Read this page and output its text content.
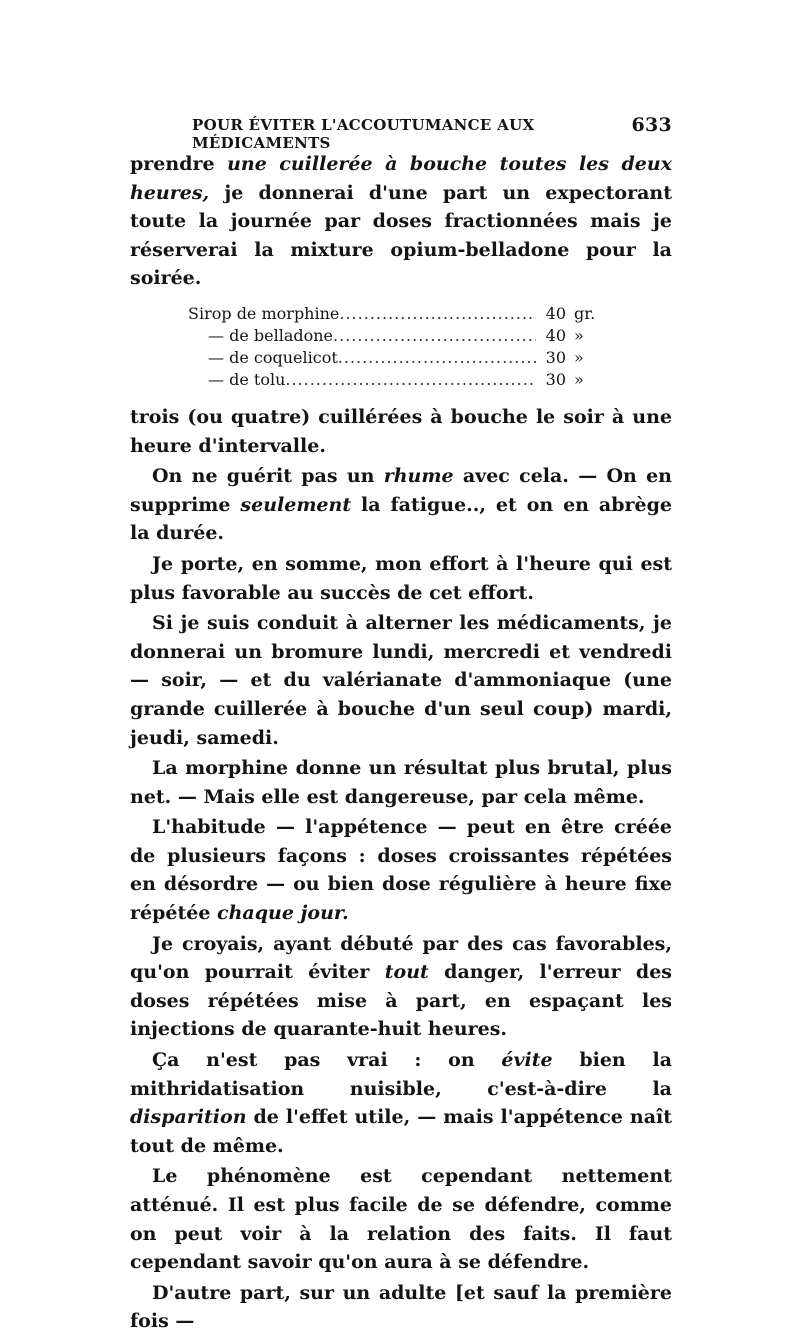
POUR ÉVITER L'ACCOUTUMANCE AUX MÉDICAMENTS
633

prendre une cuillerée à bouche toutes les deux heures, je donnerai d'une part un expectorant toute la journée par doses fractionnées mais je réserverai la mixture opium-belladone pour la soirée.

Sirop de morphine .....	40 gr.
— de belladone .....	40 »
— de coquelicot .....	30 »
— de tolu .....	30 »

trois (ou quatre) cuillérées à bouche le soir à une heure d'intervalle.

On ne guérit pas un rhume avec cela. — On en supprime seulement la fatigue.., et on en abrège la durée.

Je porte, en somme, mon effort à l'heure qui est plus favorable au succès de cet effort.

Si je suis conduit à alterner les médicaments, je donnerai un bromure lundi, mercredi et vendredi — soir, — et du valérianate d'ammoniaque (une grande cuillerée à bouche d'un seul coup) mardi, jeudi, samedi.

La morphine donne un résultat plus brutal, plus net. — Mais elle est dangereuse, par cela même.

L'habitude — l'appétence — peut en être créée de plusieurs façons : doses croissantes répétées en désordre — ou bien dose régulière à heure fixe répétée chaque jour.

Je croyais, ayant débuté par des cas favorables, qu'on pourrait éviter tout danger, l'erreur des doses répétées mise à part, en espaçant les injections de quarante-huit heures.

Ça n'est pas vrai : on évite bien la mithridatisation nuisible, c'est-à-dire la disparition de l'effet utile, — mais l'appétence naît tout de même.

Le phénomène est cependant nettement atténué. Il est plus facile de se défendre, comme on peut voir à la relation des faits. Il faut cependant savoir qu'on aura à se défendre.

D'autre part, sur un adulte [et sauf la première fois —
